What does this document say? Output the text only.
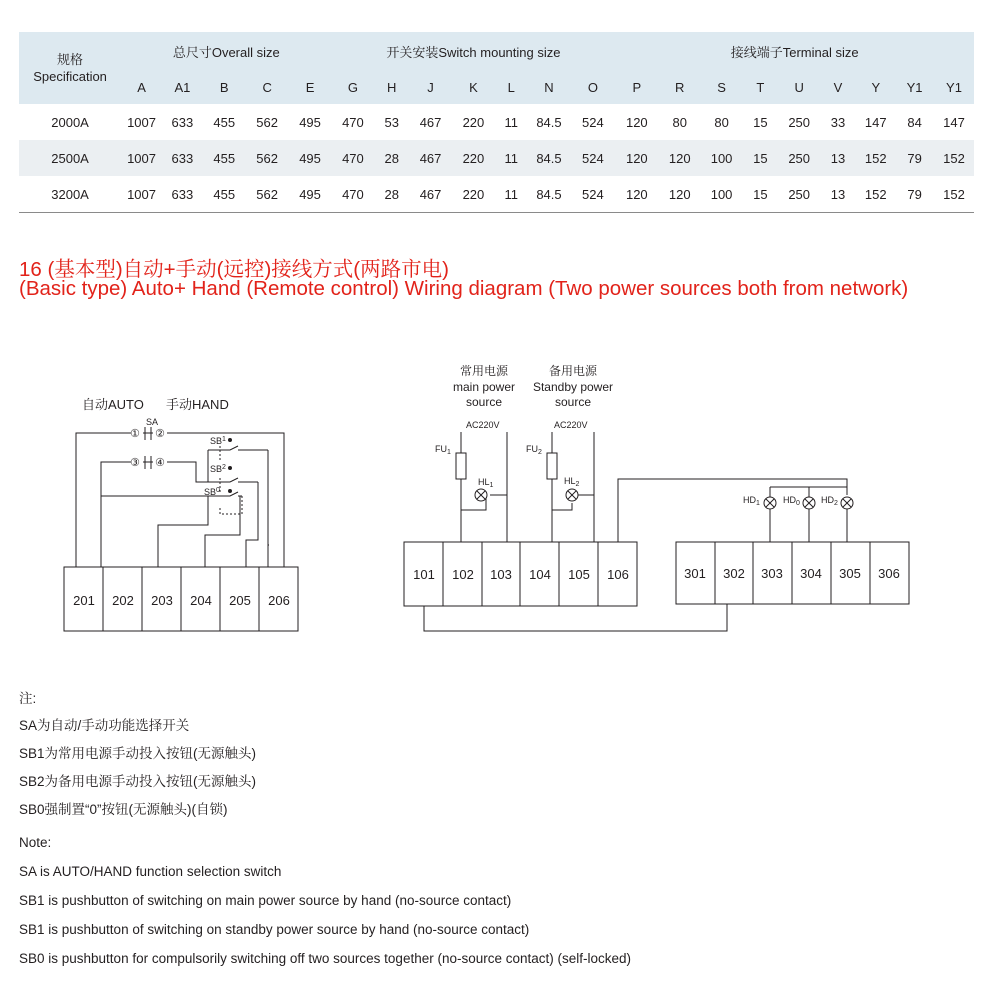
规格
Specification	总尺寸Overall size					开关安装Switch mounting size							接线端子Terminal size								
	A	A1	B	C	E	G	H	J	K	L	N	O	P	R	S	T	U	V	Y	Y1	Y1
2000A	1007	633	455	562	495	470	53	467	220	11	84.5	524	120	80	80	15	250	33	147	84	147
2500A	1007	633	455	562	495	470	28	467	220	11	84.5	524	120	120	100	15	250	13	152	79	152
3200A	1007	633	455	562	495	470	28	467	220	11	84.5	524	120	120	100	15	250	13	152	79	152
16 (基本型)自动+手动(远控)接线方式(两路市电)
(Basic type) Auto+ Hand (Remote control) Wiring diagram (Two power sources both from network)
自动AUTO 手动HAND
SA
① ②
③ ④
$SB^1$
$SB^2$
$SB^0$
201 202 203 204 205 206
101 102 103 104 105 106	301 302 303 304 305 306
常用电源
main power
source
备用电源
Standby power
source
AC220V	AC220V
$FU_1$	$FU_2$
$HL_1$	$HL_2$
$HD_1$	$HD_0$ $HD_2$
注:
SA为自动/手动功能选择开关
SB1为常用电源手动投入按钮(无源触头)
SB2为备用电源手动投入按钮(无源触头)
SB0强制置“0”按钮(无源触头)(自锁)
Note:
SA is AUTO/HAND function selection switch
SB1 is pushbutton of switching on main power source by hand (no-source contact)
SB1 is pushbutton of switching on standby power source by hand (no-source contact)
SB0 is pushbutton for compulsorily switching off two sources together (no-source contact) (self-locked)
